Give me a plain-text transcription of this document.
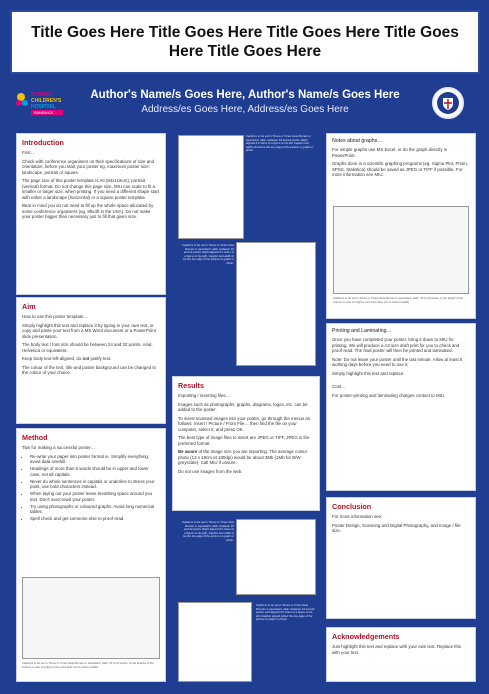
Title Goes Here Title Goes Here Title Goes Here Title Goes Here Title Goes Here
SYDNEY
CHILDREN'S
HOSPITAL
RANDWICK
Author's Name/s Goes Here, Author's Name/s Goes Here
Address/es Goes Here, Address/es Goes Here
Introduction

First…

Check with conference organisers on their specifications of size and orientation, before you start your poster eg. maximum poster size; landscape, portrait or square.

The page size of this poster template is A0 (84x119cm), portrait (vertical) format. Do not change this page size, MIU can scale to fit a smaller or larger size, when printing. If you need a different shape start with either a landscape (horizontal) or a square poster template.

Bear in mind you do not need to fill up the whole space allocated by some conference organisers (eg. 8ftx4ft in the USA). Do not make your poster bigger than necessary just to fill that given size.

Aim

How to use this poster template…

Simply highlight this text and replace it by typing in your own text, or copy and paste your text from a MS Word document or a PowerPoint slide presentation.

The body text / font size should be between 24 and 32 points. Arial, Helvetica or equivalent.

Keep body text left-aligned, do not justify text.

The colour of the text, title and poster background can be changed to the colour of your choice.

Method

Tips for making a successful poster…

• Re-write your paper into poster format ie. Simplify everything, avoid data overkill.
• Headings of more than 6 words should be in upper and lower case, not all capitals.
• Never do whole sentences in capitals or underline to stress your point, use bold characters instead.
• When laying out your poster leave breathing space around you text. Don't overcrowd your poster.
• Try using photographs or coloured graphs. Avoid long numerical tables.
• Spell check and get someone else to proof-read.
Captions to be set in Times or Times New Roman or equivalent, italic, 18 to 24 points. to the lenaths of the column or size of a figure (not more than 1/2 of column width).
Captions to be set in Times or Times New Roman or equivalent, italic, between 18 and 24 points. Right aligned if it refers to a figure on its left. Caption text width should be the top edge of the picture or graph or photo.
Captions to be set in Times or Times New Roman or equivalent, italic, between 18 and 24 points. Right aligned if it refers to a figure on its right. Caption text width to be the top edge of the picture or graph or photo.
Results

Importing / inserting files…

Images such as photographs, graphs, diagrams, logos, etc, can be added to the poster.

To insert scanned images into your poster, go through the menus as follows: Insert / Picture / From File… then find the file on your computer, select it, and press OK.

The best type of image files to insert are JPEG or TIFF, JPEG is the preferred format.

Be aware of the image size you are importing. The average colour photo (13 x 18cm at 180dpi) would be about 3Mb (1Mb for B/W greyscale). Call MIU if unsure.

Do not use images from the web.

Captions to be set in Times or Times New Roman or equivalent, italic, between 18 and 24 points. Right aligned if it refers to a figure on its right. Caption text width to be the top edge of the picture or graph or photo.
Captions to be set in Times or Times New Roman or equivalent, italic, between 18 and 24 points. Left aligned if it refers to a figure on its left. Caption should reflect the top edge of the picture or graph or photo.
Notes about graphs…

For simple graphs use MS Excel, or do the graph directly in PowerPoint.

Graphs done in a scientific graphing programs (eg. Sigma Plot, Prism, SPSS, Statistica) should be saved as JPEG or TIFF if possible. For more information see MIU.

Captions to be set in Times or Times New Roman or equivalent, italic, 18 to 24 points. to the length of the column or size of a figure (not more than 1/2 of column width).
Printing and Laminating…

Once you have completed your poster, bring it down to MIU for printing. We will produce a A3 size draft print for you to check and proof-read. The final poster will then be printed and laminated.

Note: Do not leave your poster until the last minute. Allow at least 5 working days before you need to use it.

Simply highlight this text and replace.

Cost…

For poster-printing and laminating charges contact to MIU.

Conclusion

For more information see:

Poster Design, Scanning and Digital Photography, and Image / file size.

Acknowledgements

Just highlight this text and replace with your own text. Replace this with your text.
